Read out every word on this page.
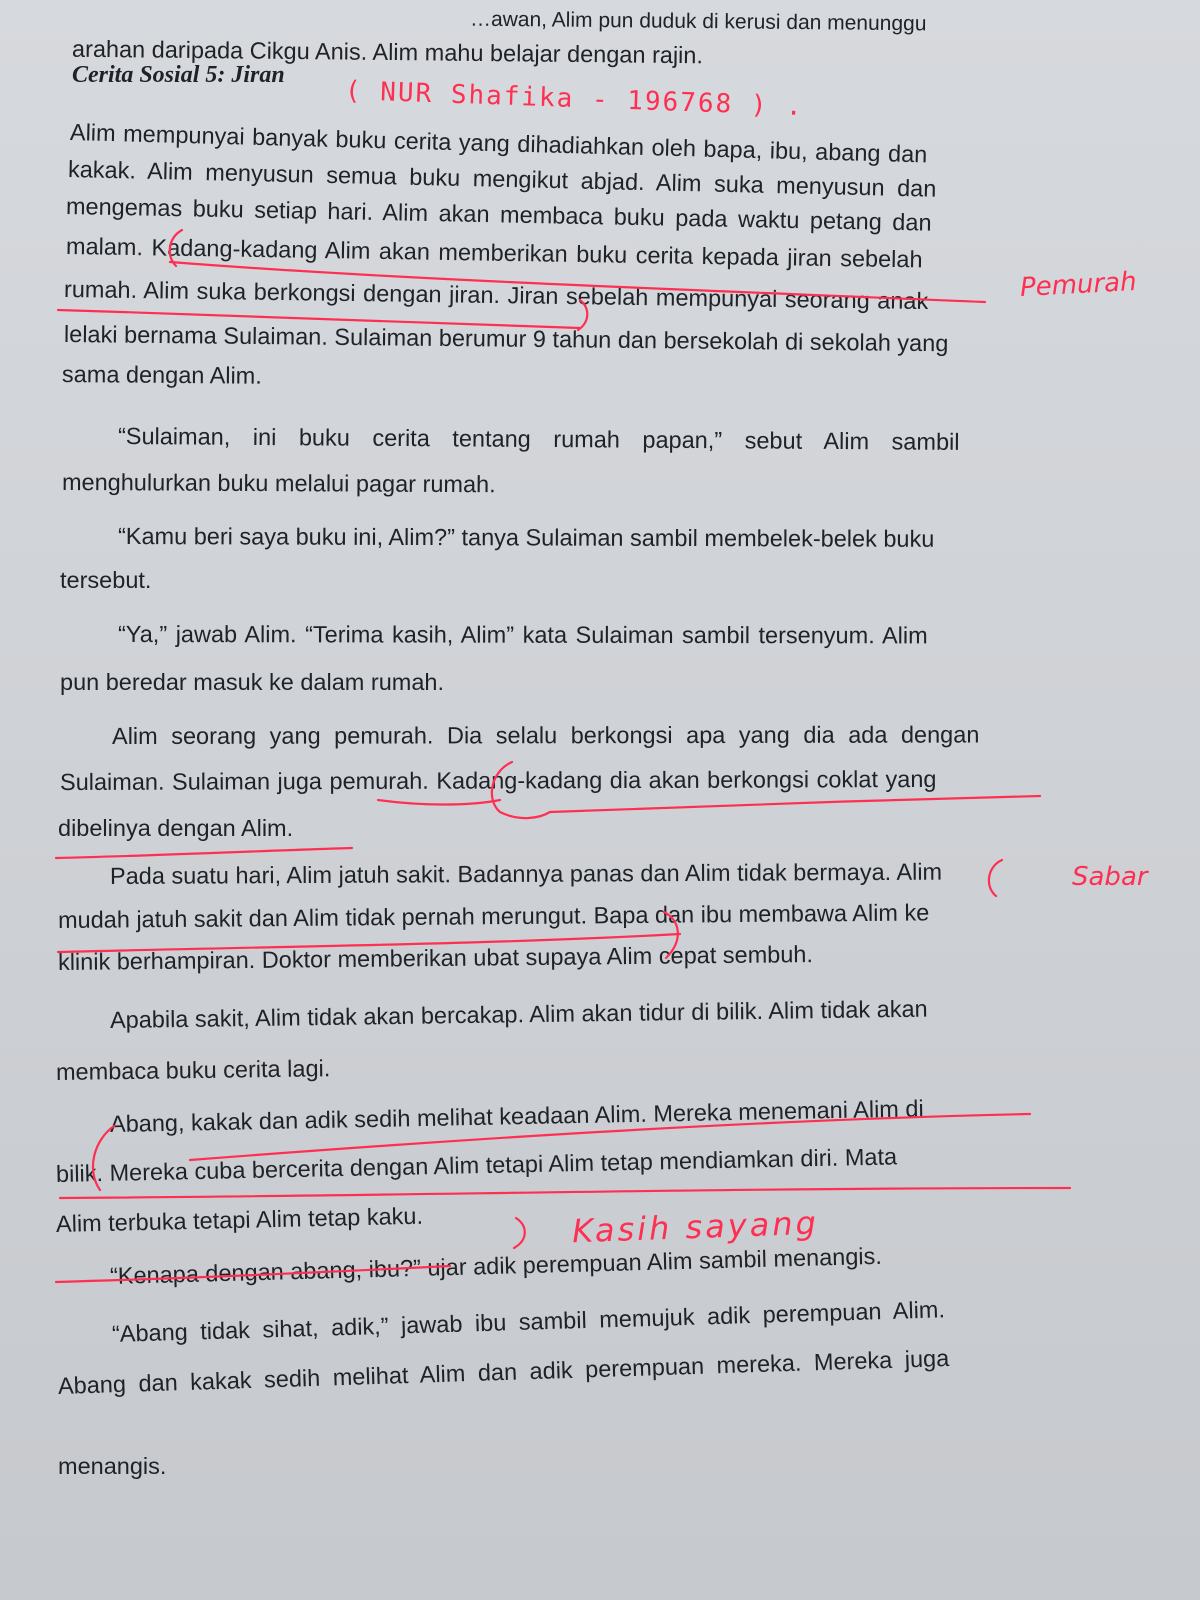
…awan, Alim pun duduk di kerusi dan menunggu

arahan daripada Cikgu Anis. Alim mahu belajar dengan rajin.

Cerita Sosial 5: Jiran

Alim mempunyai banyak buku cerita yang dihadiahkan oleh bapa, ibu, abang dan

kakak. Alim menyusun semua buku mengikut abjad. Alim suka menyusun dan

mengemas buku setiap hari. Alim akan membaca buku pada waktu petang dan

malam. Kadang-kadang Alim akan memberikan buku cerita kepada jiran sebelah

rumah. Alim suka berkongsi dengan jiran. Jiran sebelah mempunyai seorang anak

lelaki bernama Sulaiman. Sulaiman berumur 9 tahun dan bersekolah di sekolah yang

sama dengan Alim.

“Sulaiman, ini buku cerita tentang rumah papan,” sebut Alim sambil

menghulurkan buku melalui pagar rumah.

“Kamu beri saya buku ini, Alim?” tanya Sulaiman sambil membelek-belek buku

tersebut.

“Ya,” jawab Alim. “Terima kasih, Alim” kata Sulaiman sambil tersenyum. Alim

pun beredar masuk ke dalam rumah.

Alim seorang yang pemurah. Dia selalu berkongsi apa yang dia ada dengan

Sulaiman. Sulaiman juga pemurah. Kadang-kadang dia akan berkongsi coklat yang

dibelinya dengan Alim.

Pada suatu hari, Alim jatuh sakit. Badannya panas dan Alim tidak bermaya. Alim

mudah jatuh sakit dan Alim tidak pernah merungut. Bapa dan ibu membawa Alim ke

klinik berhampiran. Doktor memberikan ubat supaya Alim cepat sembuh.

Apabila sakit, Alim tidak akan bercakap. Alim akan tidur di bilik. Alim tidak akan

membaca buku cerita lagi.

Abang, kakak dan adik sedih melihat keadaan Alim. Mereka menemani Alim di

bilik. Mereka cuba bercerita dengan Alim tetapi Alim tetap mendiamkan diri. Mata

Alim terbuka tetapi Alim tetap kaku.

“Kenapa dengan abang, ibu?” ujar adik perempuan Alim sambil menangis.

“Abang tidak sihat, adik,” jawab ibu sambil memujuk adik perempuan Alim.

Abang dan kakak sedih melihat Alim dan adik perempuan mereka. Mereka juga

menangis.

( NUR Shafika - 196768 ) .

Pemurah

Sabar

Kasih sayang
